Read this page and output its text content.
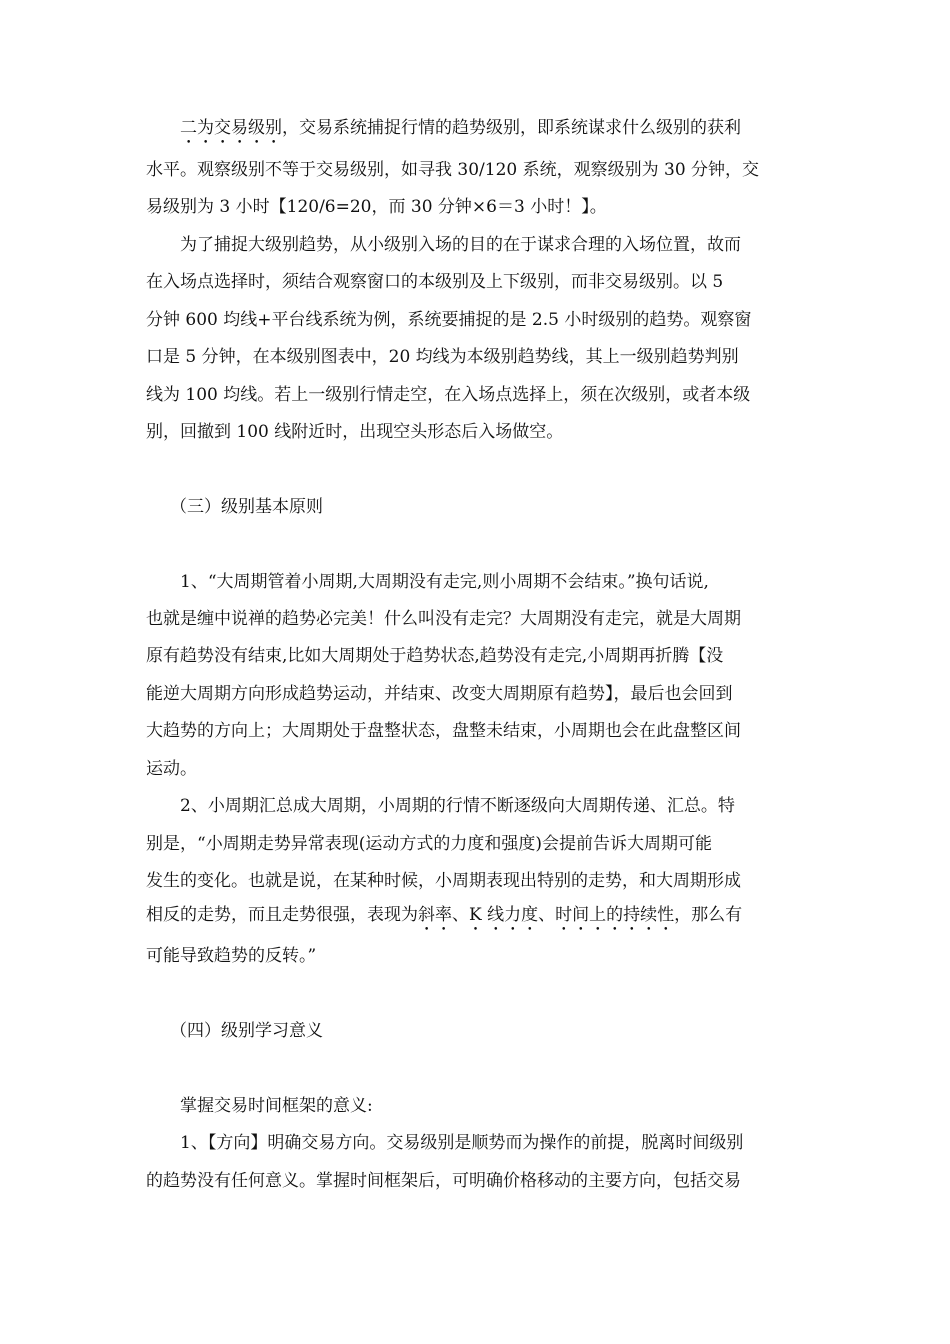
二为交易级别，交易系统捕捉行情的趋势级别，即系统谋求什么级别的获利
水平。观察级别不等于交易级别，如寻我 30/120 系统，观察级别为 30 分钟，交
易级别为 3 小时【120/6=20，而 30 分钟×6＝3 小时！】。
为了捕捉大级别趋势，从小级别入场的目的在于谋求合理的入场位置，故而
在入场点选择时，须结合观察窗口的本级别及上下级别，而非交易级别。以 5
分钟 600 均线+平台线系统为例，系统要捕捉的是 2.5 小时级别的趋势。观察窗
口是 5 分钟，在本级别图表中，20 均线为本级别趋势线，其上一级别趋势判别
线为 100 均线。若上一级别行情走空，在入场点选择上，须在次级别，或者本级
别，回撤到 100 线附近时，出现空头形态后入场做空。
（三）级别基本原则
1、“大周期管着小周期,大周期没有走完,则小周期不会结束。”换句话说,
也就是缠中说禅的趋势必完美！什么叫没有走完？大周期没有走完，就是大周期
原有趋势没有结束,比如大周期处于趋势状态,趋势没有走完,小周期再折腾【没
能逆大周期方向形成趋势运动，并结束、改变大周期原有趋势】，最后也会回到
大趋势的方向上；大周期处于盘整状态，盘整未结束，小周期也会在此盘整区间
运动。
2、小周期汇总成大周期，小周期的行情不断逐级向大周期传递、汇总。特
别是，“小周期走势异常表现(运动方式的力度和强度)会提前告诉大周期可能
发生的变化。也就是说，在某种时候，小周期表现出特别的走势，和大周期形成
相反的走势，而且走势很强，表现为斜率、K 线力度、时间上的持续性，那么有
可能导致趋势的反转。”
（四）级别学习意义
掌握交易时间框架的意义:
1、【方向】明确交易方向。交易级别是顺势而为操作的前提，脱离时间级别
的趋势没有任何意义。掌握时间框架后，可明确价格移动的主要方向，包括交易
